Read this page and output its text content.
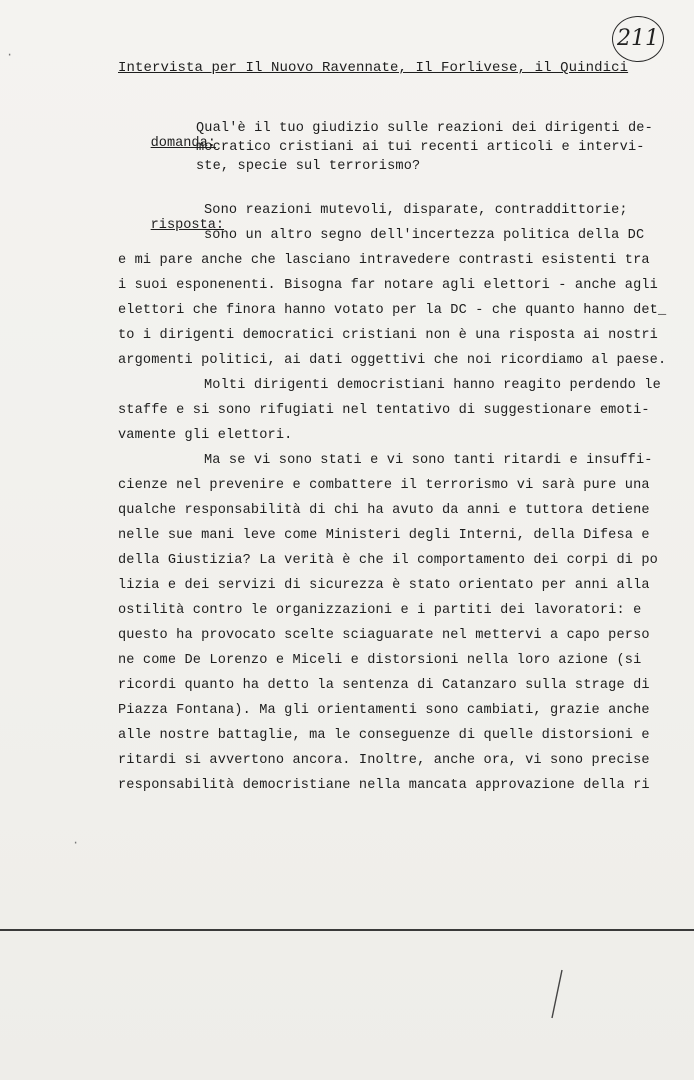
211
Intervista per Il Nuovo Ravennate, Il Forlivese, il Quindici

domanda:

Qual'è il tuo giudizio sulle reazioni dei dirigenti de-
mocratico cristiani ai tui recenti articoli e intervi-
ste, specie sul terrorismo?

risposta:

Sono reazioni mutevoli, disparate, contraddittorie;
sono un altro segno dell'incertezza politica della DC
e mi pare anche che lasciano intravedere contrasti esistenti tra
i suoi esponenenti. Bisogna far notare agli elettori - anche agli
elettori che finora hanno votato per la DC - che quanto hanno det_
to i dirigenti democratici cristiani non è una risposta ai nostri
argomenti politici, ai dati oggettivi che noi ricordiamo al paese.
Molti dirigenti democristiani hanno reagito perdendo le
staffe e si sono rifugiati nel tentativo di suggestionare emoti-
vamente gli elettori.
Ma se vi sono stati e vi sono tanti ritardi e insuffi-
cienze nel prevenire e combattere il terrorismo vi sarà pure una
qualche responsabilità di chi ha avuto da anni e tuttora detiene
nelle sue mani leve come Ministeri degli Interni, della Difesa e
della Giustizia? La verità è che il comportamento dei corpi di po
lizia e dei servizi di sicurezza è stato orientato per anni alla
ostilità contro le organizzazioni e i partiti dei lavoratori: e
questo ha provocato scelte sciaguarate nel mettervi a capo perso
ne come De Lorenzo e Miceli e distorsioni nella loro azione (si
ricordi quanto ha detto la sentenza di Catanzaro sulla strage di
Piazza Fontana). Ma gli orientamenti sono cambiati, grazie anche
alle nostre battaglie, ma le conseguenze di quelle distorsioni e
ritardi si avvertono ancora. Inoltre, anche ora, vi sono precise
responsabilità democristiane nella mancata approvazione della ri
·
·
